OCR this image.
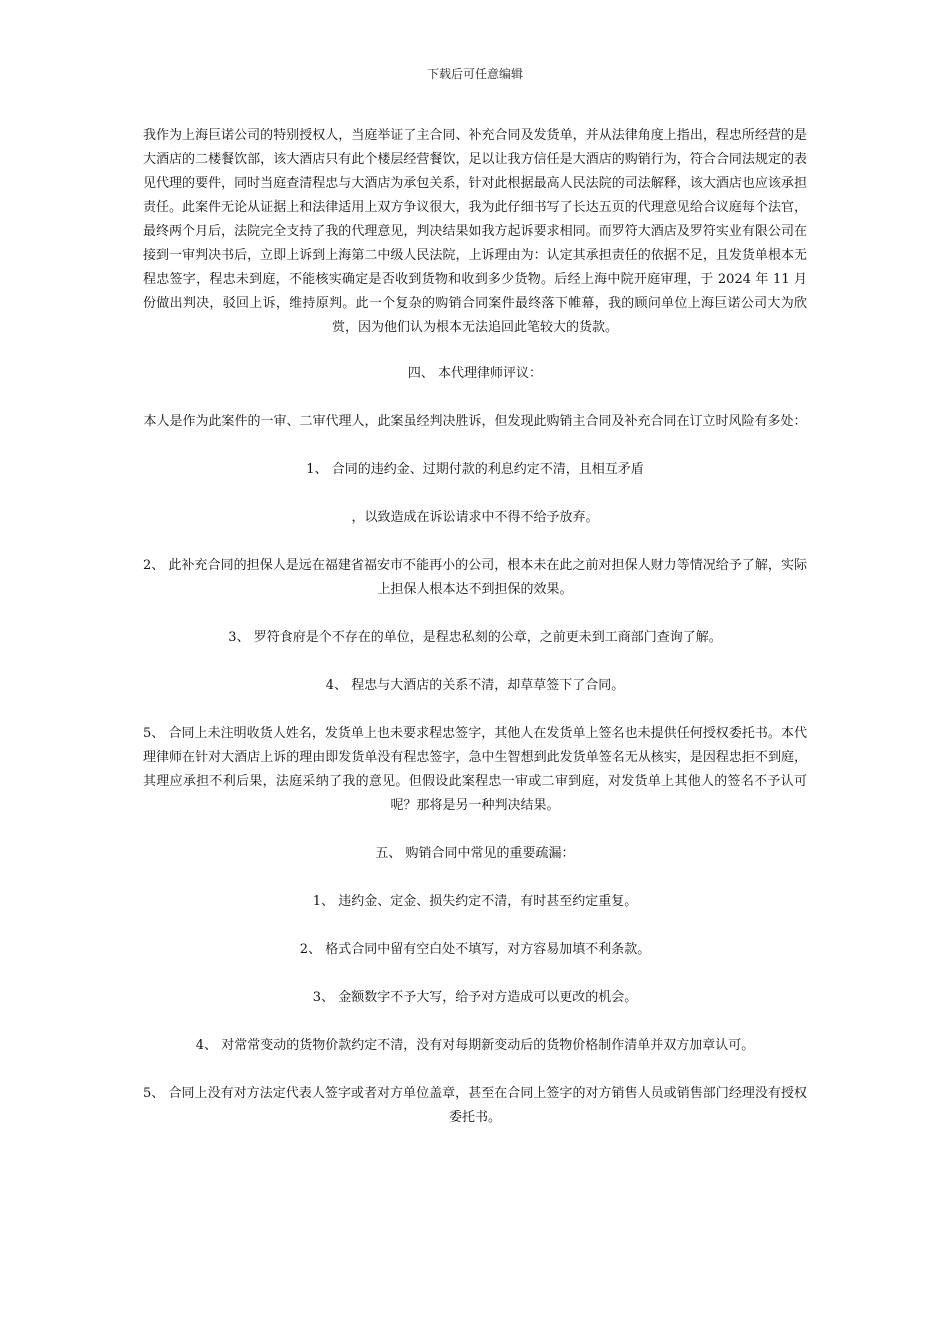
下载后可任意编辑

我作为上海巨诺公司的特别授权人，当庭举证了主合同、补充合同及发货单，并从法律角度上指出，程忠所经营的是大酒店的二楼餐饮部，该大酒店只有此个楼层经营餐饮，足以让我方信任是大酒店的购销行为，符合合同法规定的表见代理的要件，同时当庭查清程忠与大酒店为承包关系，针对此根据最高人民法院的司法解释，该大酒店也应该承担责任。此案件无论从证据上和法律适用上双方争议很大，我为此仔细书写了长达五页的代理意见给合议庭每个法官，最终两个月后，法院完全支持了我的代理意见，判决结果如我方起诉要求相同。而罗符大酒店及罗符实业有限公司在接到一审判决书后，立即上诉到上海第二中级人民法院，上诉理由为：认定其承担责任的依据不足，且发货单根本无程忠签字，程忠未到庭，不能核实确定是否收到货物和收到多少货物。后经上海中院开庭审理，于 2024 年 11 月份做出判决，驳回上诉，维持原判。此一个复杂的购销合同案件最终落下帷幕，我的顾问单位上海巨诺公司大为欣赏，因为他们认为根本无法追回此笔较大的货款。

四、 本代理律师评议：

本人是作为此案件的一审、二审代理人，此案虽经判决胜诉，但发现此购销主合同及补充合同在订立时风险有多处：

1、 合同的违约金、过期付款的利息约定不清，且相互矛盾

，以致造成在诉讼请求中不得不给予放弃。

2、 此补充合同的担保人是远在福建省福安市不能再小的公司，根本未在此之前对担保人财力等情况给予了解，实际上担保人根本达不到担保的效果。

3、 罗符食府是个不存在的单位，是程忠私刻的公章，之前更未到工商部门查询了解。

4、 程忠与大酒店的关系不清，却草草签下了合同。

5、 合同上未注明收货人姓名，发货单上也未要求程忠签字，其他人在发货单上签名也未提供任何授权委托书。本代理律师在针对大酒店上诉的理由即发货单没有程忠签字，急中生智想到此发货单签名无从核实，是因程忠拒不到庭，其理应承担不利后果，法庭采纳了我的意见。但假设此案程忠一审或二审到庭，对发货单上其他人的签名不予认可呢？那将是另一种判决结果。

五、 购销合同中常见的重要疏漏：

1、 违约金、定金、损失约定不清，有时甚至约定重复。

2、 格式合同中留有空白处不填写，对方容易加填不利条款。

3、 金额数字不予大写，给予对方造成可以更改的机会。

4、 对常常变动的货物价款约定不清，没有对每期新变动后的货物价格制作清单并双方加章认可。

5、 合同上没有对方法定代表人签字或者对方单位盖章，甚至在合同上签字的对方销售人员或销售部门经理没有授权委托书。
